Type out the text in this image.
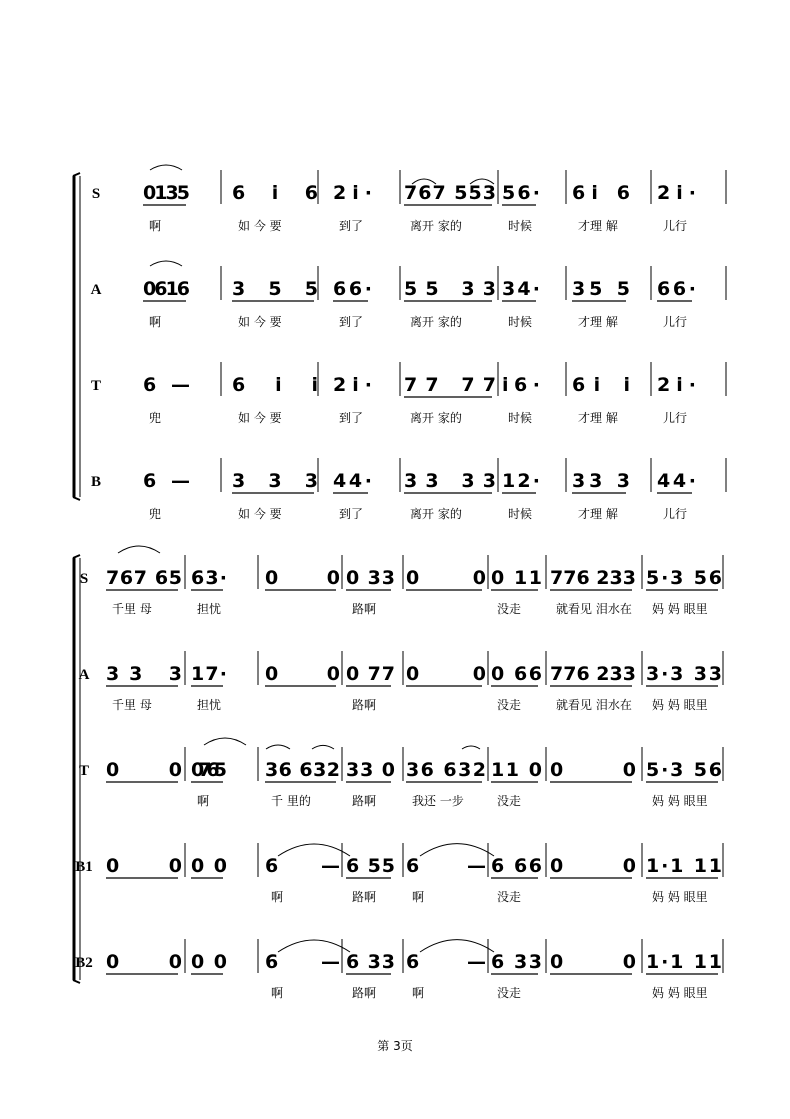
S 0135
啊
6 i 6
如 今 要
2i·
到了
767 553
离开 家的
56·
时候
6i 6
才理 解
2i·
儿行
A 0616
啊
3 5 5
如 今 要
66·
到了
55 33
离开 家的
34·
时候
35 5
才理 解
66·
儿行
T 6 —
兜
6 i i
如 今 要
2i·
到了
77 77
离开 家的
i6·
时候
6i i
才理 解
2i·
儿行
B 6 —
兜
3 3 3
如 今 要
44·
到了
33 33
离开 家的
12·
时候
33 3
才理 解
44·
儿行
S 767 65
千里 母
63·
担忧
0 0 0 33
路啊
0 0 0 11
没走
776 233
就看见 泪水在
5·3 56
妈 妈 眼里
A 33 3
千里 母
17·
担忧
0 0 0 77
路啊
0 0 0 66
没走
776 233
就看见 泪水在
3·3 33
妈 妈 眼里
T 0 0 07 65
啊
36 632
千 里的
33 0
路啊
36 632
我还 一步
11 0
没走
0 0 5·3 56
妈 妈 眼里
B1 0 0 0 0 6 —
啊
6 55
路啊
6 —
啊
6 66
没走
0 0 1·1 11
妈 妈 眼里
B2 0 0 0 0 6 —
啊
6 33
路啊
6 —
啊
6 33
没走
0 0 1·1 11
妈 妈 眼里
第 3页
